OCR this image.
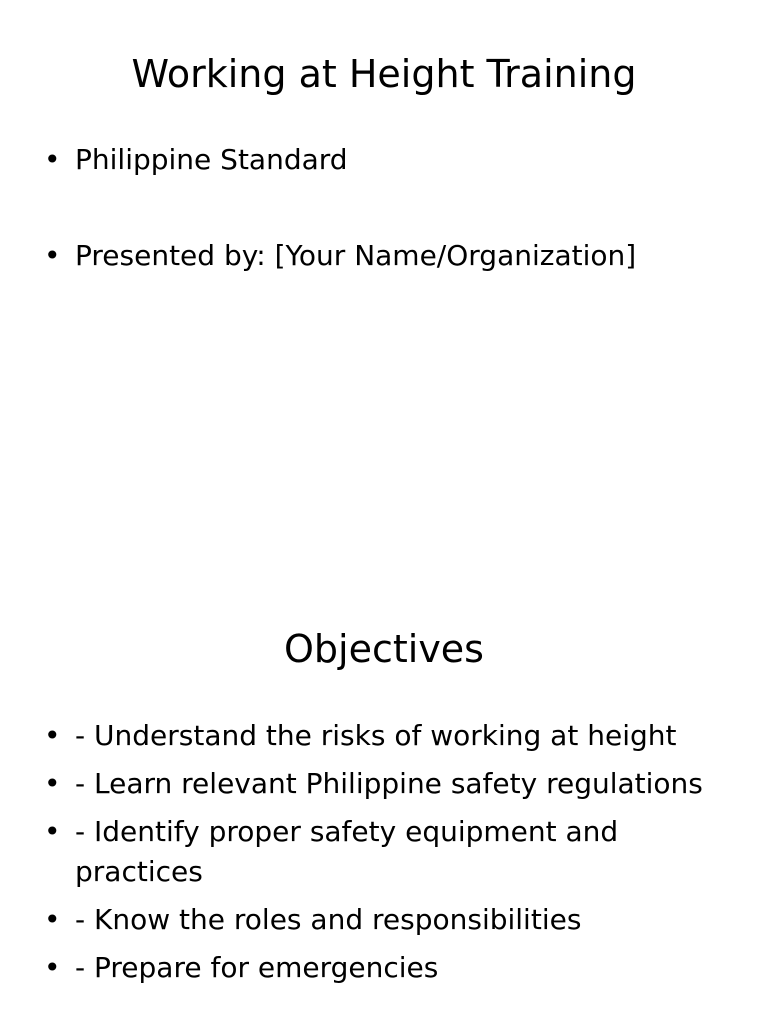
Working at Height Training
• Philippine Standard
• Presented by: [Your Name/Organization]
Objectives
• - Understand the risks of working at height
• - Learn relevant Philippine safety regulations
• - Identify proper safety equipment and practices
• - Know the roles and responsibilities
• - Prepare for emergencies
